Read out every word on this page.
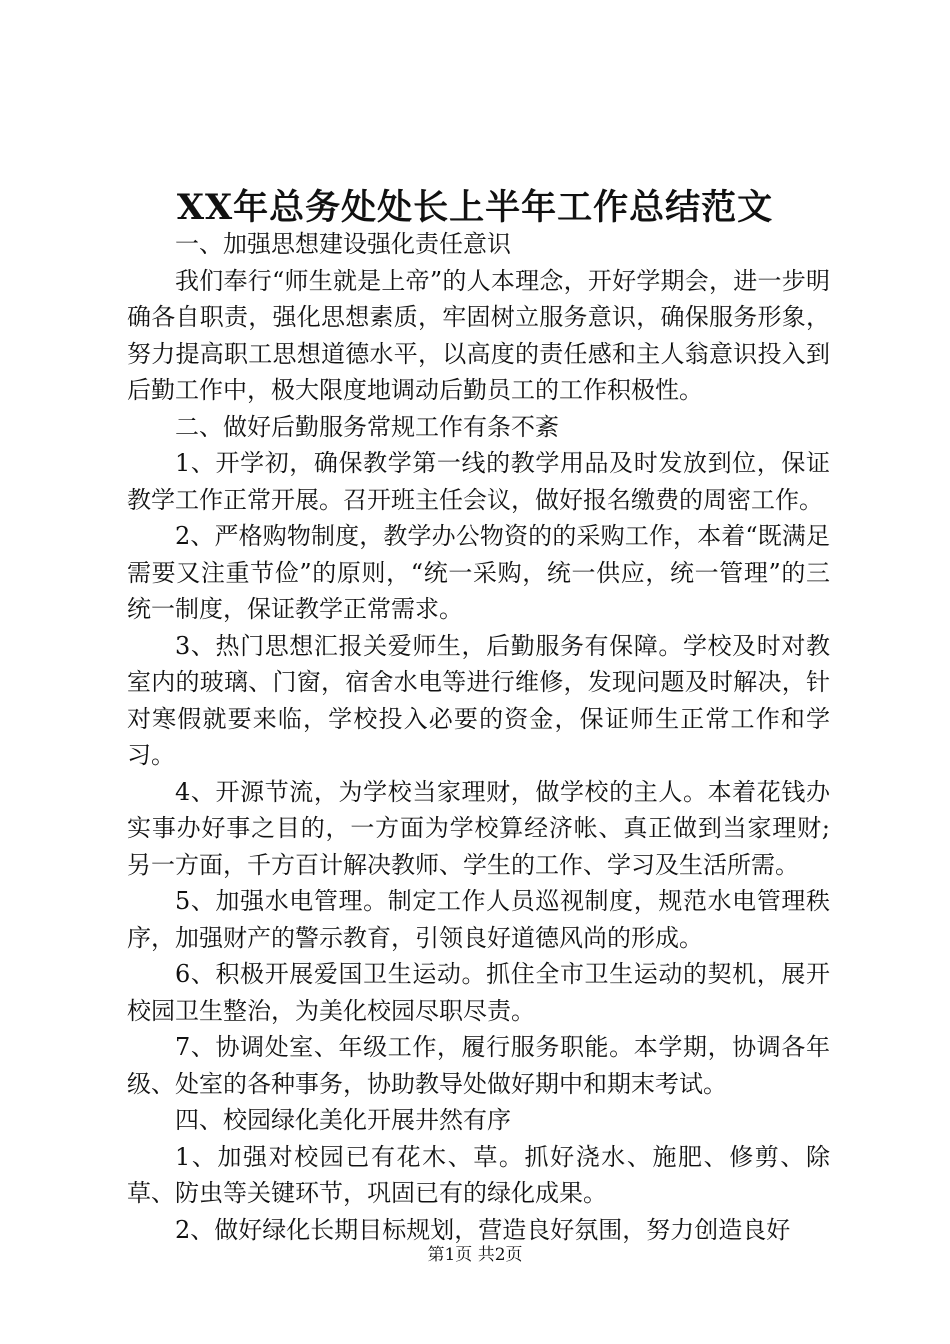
XX年总务处处长上半年工作总结范文

一、加强思想建设强化责任意识

我们奉行“师生就是上帝”的人本理念，开好学期会，进一步明确各自职责，强化思想素质，牢固树立服务意识，确保服务形象，努力提高职工思想道德水平，以高度的责任感和主人翁意识投入到后勤工作中，极大限度地调动后勤员工的工作积极性。

二、做好后勤服务常规工作有条不紊

1、开学初，确保教学第一线的教学用品及时发放到位，保证教学工作正常开展。召开班主任会议，做好报名缴费的周密工作。

2、严格购物制度，教学办公物资的的采购工作，本着“既满足需要又注重节俭”的原则，“统一采购，统一供应，统一管理”的三统一制度，保证教学正常需求。

3、热门思想汇报关爱师生，后勤服务有保障。学校及时对教室内的玻璃、门窗，宿舍水电等进行维修，发现问题及时解决，针对寒假就要来临，学校投入必要的资金，保证师生正常工作和学习。

4、开源节流，为学校当家理财，做学校的主人。本着花钱办实事办好事之目的，一方面为学校算经济帐、真正做到当家理财;另一方面，千方百计解决教师、学生的工作、学习及生活所需。

5、加强水电管理。制定工作人员巡视制度，规范水电管理秩序，加强财产的警示教育，引领良好道德风尚的形成。

6、积极开展爱国卫生运动。抓住全市卫生运动的契机，展开校园卫生整治，为美化校园尽职尽责。

7、协调处室、年级工作，履行服务职能。本学期，协调各年级、处室的各种事务，协助教导处做好期中和期末考试。

四、校园绿化美化开展井然有序

1、加强对校园已有花木、草。抓好浇水、施肥、修剪、除草、防虫等关键环节，巩固已有的绿化成果。

2、做好绿化长期目标规划，营造良好氛围，努力创造良好

第1页 共2页
